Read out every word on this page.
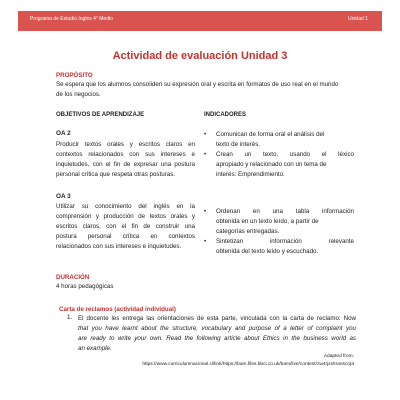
Programa de Estudio Inglés 4° Medio	Unidad 1
Actividad de evaluación Unidad 3
PROPÓSITO
Se espera que los alumnos consoliden su expresión oral y escrita en formatos de uso real en el mundo
de los negocios.
OBJETIVOS DE APRENDIZAJE	INDICADORES
OA 2
Producir textos orales y escritos claros en
contextos relacionados con sus intereses e
inquietudes, con el fin de expresar una postura
personal crítica que respeta otras posturas.
• Comunican de forma oral el análisis del
texto de interés.
• Crean un texto, usando el léxico
apropiado y relacionado con un tema de
interés: Emprendimiento.
OA 3
Utilizar su conocimiento del inglés en la
comprensión y producción de textos orales y
escritos claros, con el fin de construir una
postura personal crítica en contextos
relacionados con sus intereses e inquietudes.
• Ordenan en una tabla información
obtenida en un texto leído, a partir de
categorías entregadas.
• Sintetizan información relevante
obtenida del texto leído y escuchado.
DURACIÓN
4 horas pedagógicas
Carta de reclamos (actividad individual)
1. El docente les entrega las orientaciones de esta parte, vinculada con la carta de reclamo: Now
that you have learnt about the structure, vocabulary and purpose of a letter of complaint you
are ready to write your own. Read the following article about Ethics in the business world as
an example.
Adapted from:
https://www.curriculumnacional.cl/link/https://bam.files.bbci.co.uk/bam/live/content/zw4rjxs/transcript
